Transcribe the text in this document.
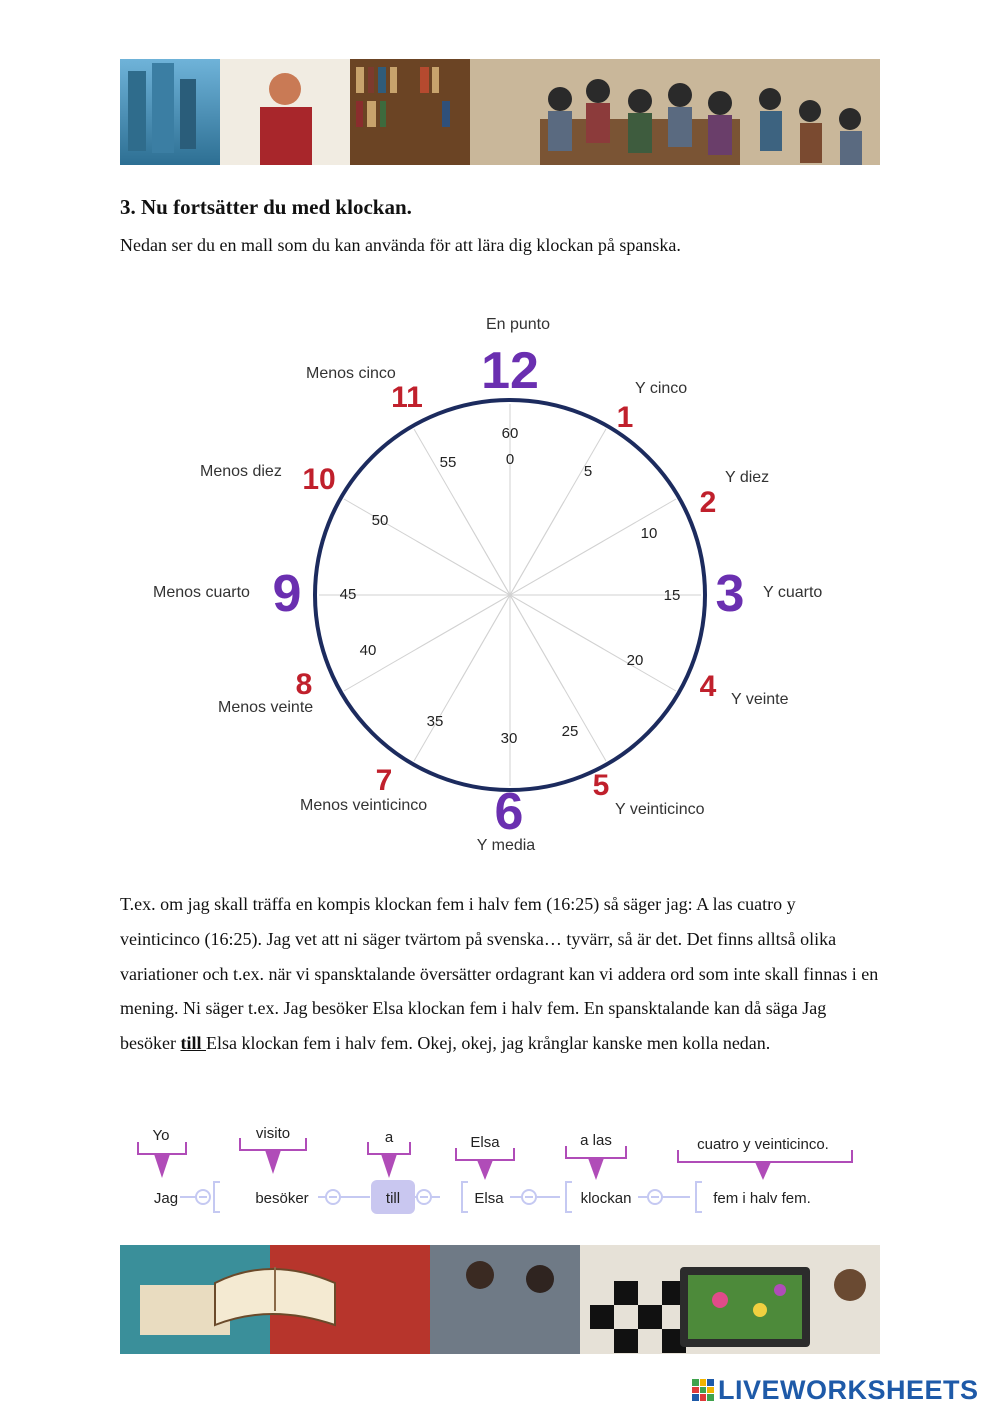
3. Nu fortsätter du med klockan.
Nedan ser du en mall som du kan använda för att lära dig klockan på spanska.
60
0
5
10
15
20
25
30
35
40
45
50
55
12
1
2
3
4
5
6
7
8
9
10
11
En punto
Y cinco
Y diez
Y cuarto
Y veinte
Y veinticinco
Y media
Menos veinticinco
Menos veinte
Menos cuarto
Menos diez
Menos cinco

T.ex. om jag skall träffa en kompis klockan fem i halv fem (16:25) så säger jag: A las cuatro y veinticinco (16:25). Jag vet att ni säger tvärtom på svenska… tyvärr, så är det. Det finns alltså olika variationer och t.ex. när vi spansktalande översätter ordagrant kan vi addera ord som inte skall finnas i en mening. Ni säger t.ex. Jag besöker Elsa klockan fem i halv fem. En spansktalande kan då säga Jag besöker till Elsa klockan fem i halv fem. Okej, okej, jag krånglar kanske men kolla nedan.

Yo	visito	a	Elsa	a las	cuatro y veinticinco.
Jag	besöker	till	Elsa	klockan	fem i halv fem.
LIVEWORKSHEETS
